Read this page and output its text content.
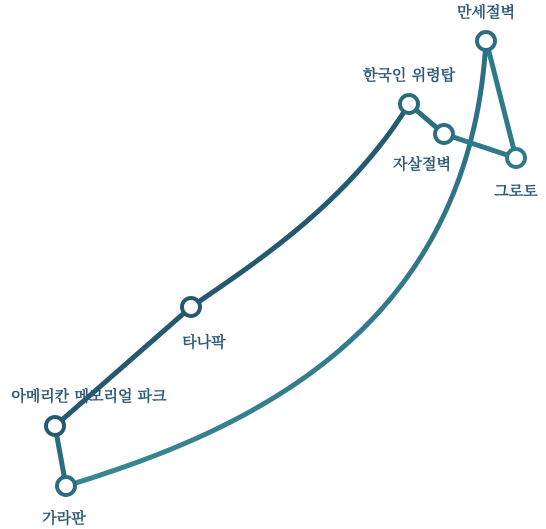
만세절벽
한국인 위령탑
자살절벽
그로토
타나팍
아메리칸 메모리얼 파크
가라판
